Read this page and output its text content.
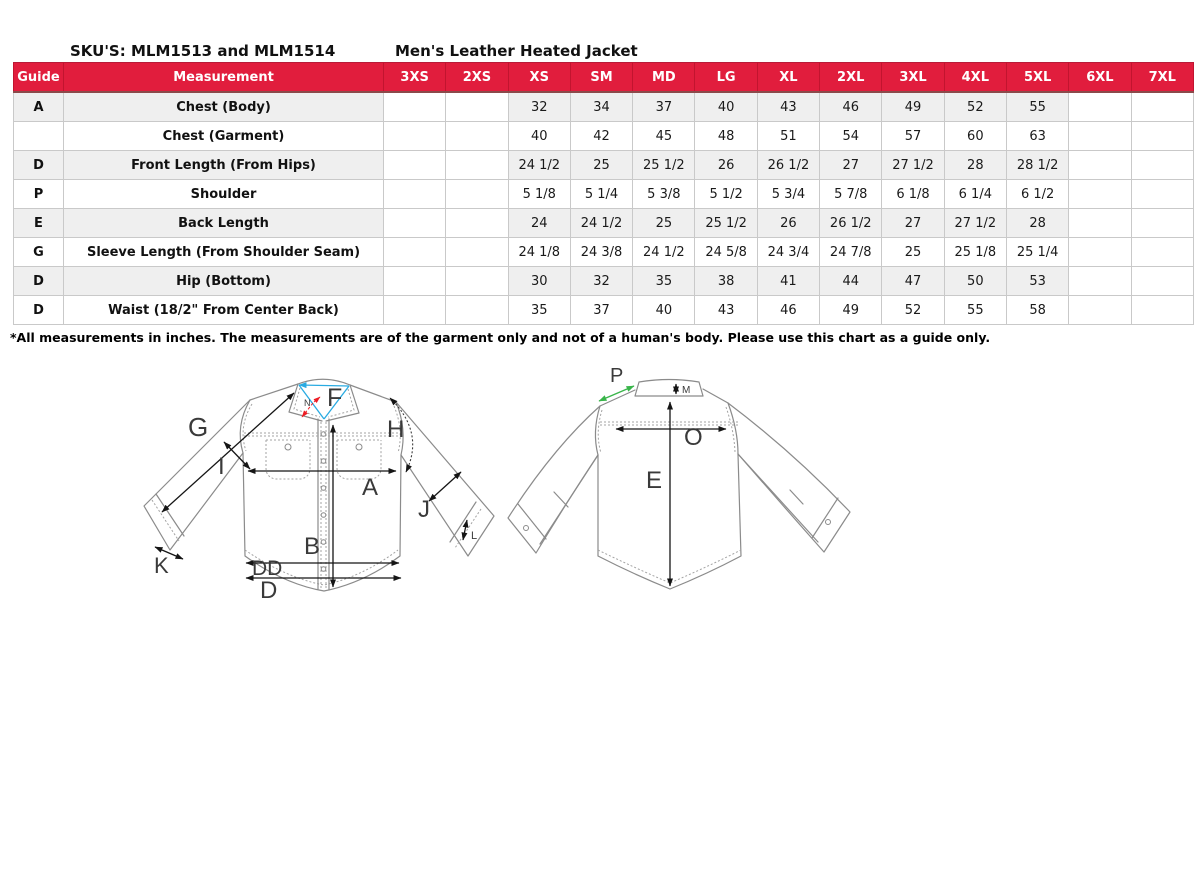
SKU'S: MLM1513 and MLM1514	Men's Leather Heated Jacket
Guide	Measurement	3XS	2XS	XS	SM	MD	LG	XL	2XL	3XL	4XL	5XL	6XL	7XL
A	Chest (Body)			32	34	37	40	43	46	49	52	55		
	Chest (Garment)			40	42	45	48	51	54	57	60	63		
D	Front Length (From Hips)			24 1/2	25	25 1/2	26	26 1/2	27	27 1/2	28	28 1/2		
P	Shoulder			5 1/8	5 1/4	5 3/8	5 1/2	5 3/4	5 7/8	6 1/8	6 1/4	6 1/2		
E	Back Length			24	24 1/2	25	25 1/2	26	26 1/2	27	27 1/2	28		
G	Sleeve Length (From Shoulder Seam)			24 1/8	24 3/8	24 1/2	24 5/8	24 3/4	24 7/8	25	25 1/8	25 1/4		
D	Hip (Bottom)			30	32	35	38	41	44	47	50	53		
D	Waist (18/2" From Center Back)			35	37	40	43	46	49	52	55	58		
*All measurements in inches. The measurements are of the garment only and not of a human's body. Please use this chart as a guide only.
G
I
F
N
H
A
B
J
K
L
DD
D
P
M
O
E
